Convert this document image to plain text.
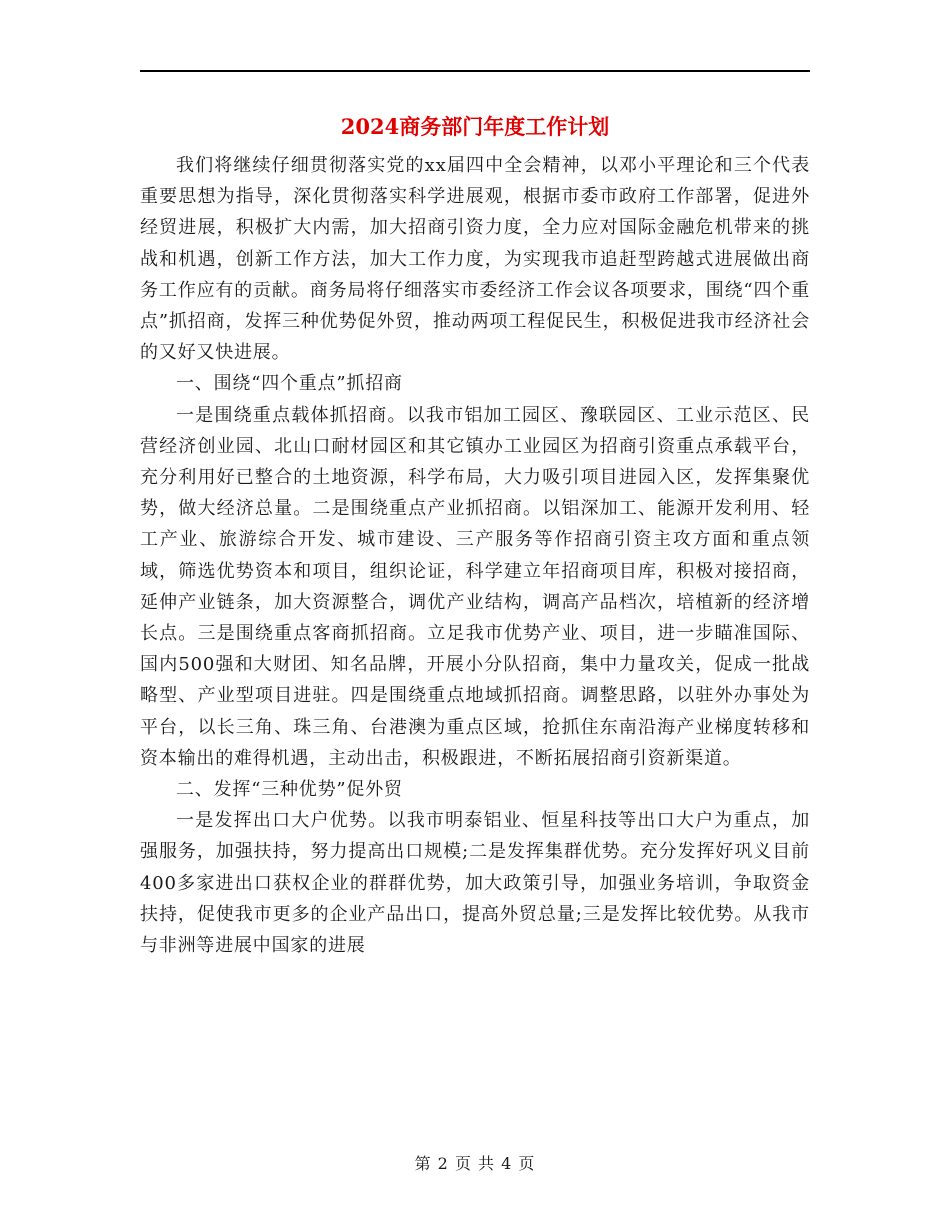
2024商务部门年度工作计划

我们将继续仔细贯彻落实党的xx届四中全会精神，以邓小平理论和三个代表重要思想为指导，深化贯彻落实科学进展观，根据市委市政府工作部署，促进外经贸进展，积极扩大内需，加大招商引资力度，全力应对国际金融危机带来的挑战和机遇，创新工作方法，加大工作力度，为实现我市追赶型跨越式进展做出商务工作应有的贡献。商务局将仔细落实市委经济工作会议各项要求，围绕“四个重点”抓招商，发挥三种优势促外贸，推动两项工程促民生，积极促进我市经济社会的又好又快进展。

一、围绕“四个重点”抓招商

一是围绕重点载体抓招商。以我市铝加工园区、豫联园区、工业示范区、民营经济创业园、北山口耐材园区和其它镇办工业园区为招商引资重点承载平台，充分利用好已整合的土地资源，科学布局，大力吸引项目进园入区，发挥集聚优势，做大经济总量。二是围绕重点产业抓招商。以铝深加工、能源开发利用、轻工产业、旅游综合开发、城市建设、三产服务等作招商引资主攻方面和重点领域，筛选优势资本和项目，组织论证，科学建立年招商项目库，积极对接招商，延伸产业链条，加大资源整合，调优产业结构，调高产品档次，培植新的经济增长点。三是围绕重点客商抓招商。立足我市优势产业、项目，进一步瞄准国际、国内500强和大财团、知名品牌，开展小分队招商，集中力量攻关，促成一批战略型、产业型项目进驻。四是围绕重点地域抓招商。调整思路，以驻外办事处为平台，以长三角、珠三角、台港澳为重点区域，抢抓住东南沿海产业梯度转移和资本输出的难得机遇，主动出击，积极跟进，不断拓展招商引资新渠道。

二、发挥“三种优势”促外贸

一是发挥出口大户优势。以我市明泰铝业、恒星科技等出口大户为重点，加强服务，加强扶持，努力提高出口规模;二是发挥集群优势。充分发挥好巩义目前400多家进出口获权企业的群群优势，加大政策引导，加强业务培训，争取资金扶持，促使我市更多的企业产品出口，提高外贸总量;三是发挥比较优势。从我市与非洲等进展中国家的进展

第 2 页 共 4 页
